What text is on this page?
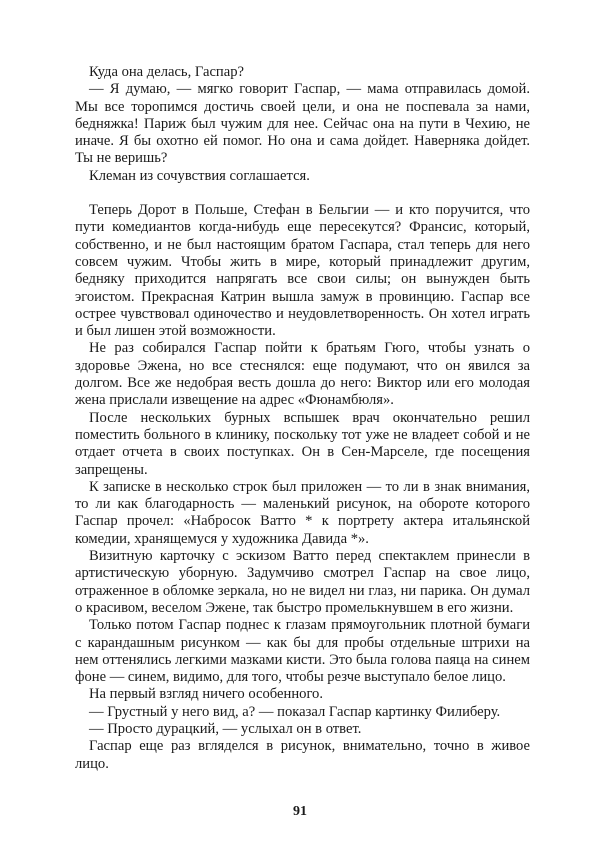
Куда она делась, Гаспар?

— Я думаю, — мягко говорит Гаспар, — мама отправилась домой. Мы все торопимся достичь своей цели, и она не поспевала за нами, бедняжка! Париж был чужим для нее. Сейчас она на пути в Чехию, не иначе. Я бы охотно ей помог. Но она и сама дойдет. Наверняка дойдет. Ты не веришь?

Клеман из сочувствия соглашается.

Теперь Дорот в Польше, Стефан в Бельгии — и кто поручится, что пути комедиантов когда-нибудь еще пересекутся? Франсис, который, собственно, и не был настоящим братом Гаспара, стал теперь для него совсем чужим. Чтобы жить в мире, который принадлежит другим, бедняку приходится напрягать все свои силы; он вынужден быть эгоистом. Прекрасная Катрин вышла замуж в провинцию. Гаспар все острее чувствовал одиночество и неудовлетворенность. Он хотел играть и был лишен этой возможности.

Не раз собирался Гаспар пойти к братьям Гюго, чтобы узнать о здоровье Эжена, но все стеснялся: еще подумают, что он явился за долгом. Все же недобрая весть дошла до него: Виктор или его молодая жена прислали извещение на адрес «Фюнамбюля».

После нескольких бурных вспышек врач окончательно решил поместить больного в клинику, поскольку тот уже не владеет собой и не отдает отчета в своих поступках. Он в Сен-Марселе, где посещения запрещены.

К записке в несколько строк был приложен — то ли в знак внимания, то ли как благодарность — маленький рисунок, на обороте которого Гаспар прочел: «Набросок Ватто * к портрету актера итальянской комедии, хранящемуся у художника Давида *».

Визитную карточку с эскизом Ватто перед спектаклем принесли в артистическую уборную. Задумчиво смотрел Гаспар на свое лицо, отраженное в обломке зеркала, но не видел ни глаз, ни парика. Он думал о красивом, веселом Эжене, так быстро промелькнувшем в его жизни.

Только потом Гаспар поднес к глазам прямоугольник плотной бумаги с карандашным рисунком — как бы для пробы отдельные штрихи на нем оттенялись легкими мазками кисти. Это была голова паяца на синем фоне — синем, видимо, для того, чтобы резче выступало белое лицо.

На первый взгляд ничего особенного.

— Грустный у него вид, а? — показал Гаспар картинку Филиберу.

— Просто дурацкий, — услыхал он в ответ.

Гаспар еще раз вгляделся в рисунок, внимательно, точно в живое лицо.

91
